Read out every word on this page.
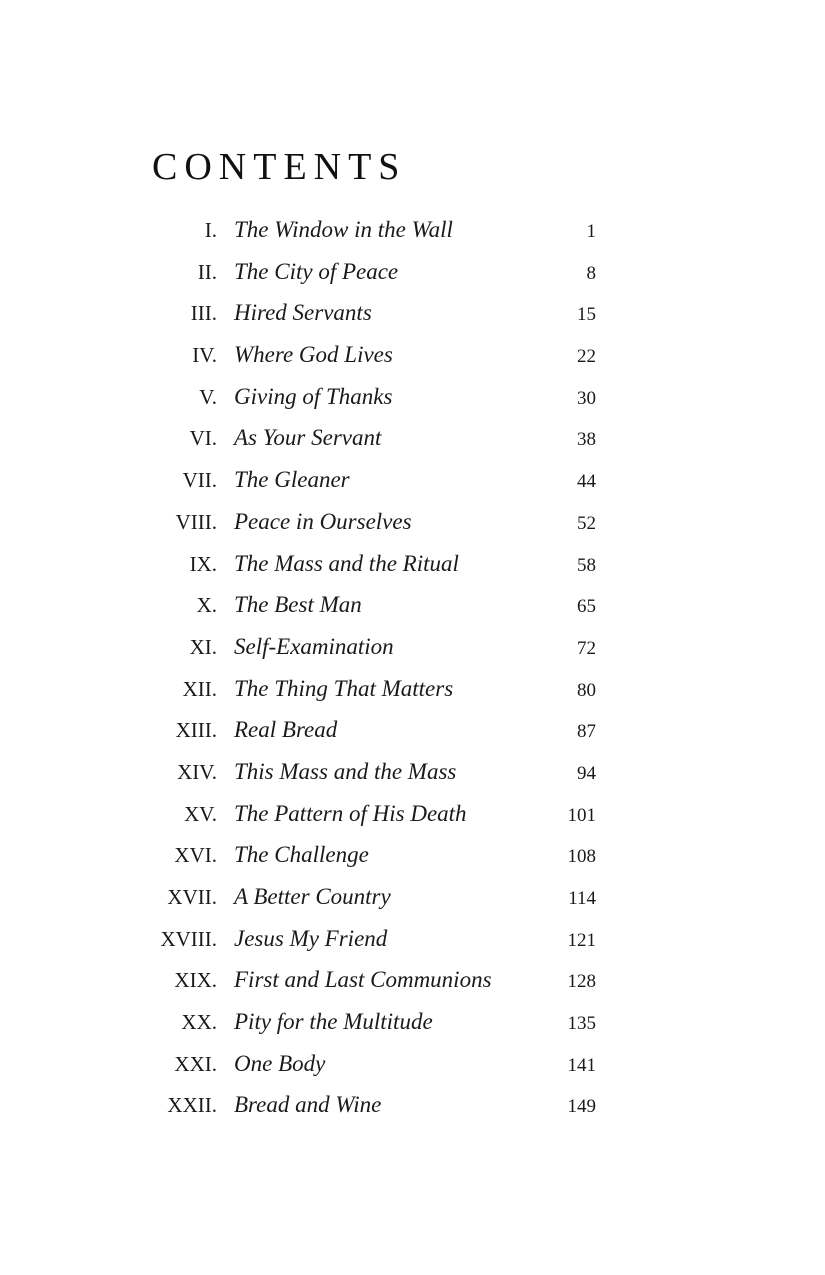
CONTENTS
I. The Window in the Wall	1
II. The City of Peace	8
III. Hired Servants	15
IV. Where God Lives	22
V. Giving of Thanks	30
VI. As Your Servant	38
VII. The Gleaner	44
VIII. Peace in Ourselves	52
IX. The Mass and the Ritual	58
X. The Best Man	65
XI. Self-Examination	72
XII. The Thing That Matters	80
XIII. Real Bread	87
XIV. This Mass and the Mass	94
XV. The Pattern of His Death	101
XVI. The Challenge	108
XVII. A Better Country	114
XVIII. Jesus My Friend	121
XIX. First and Last Communions	128
XX. Pity for the Multitude	135
XXI. One Body	141
XXII. Bread and Wine	149
